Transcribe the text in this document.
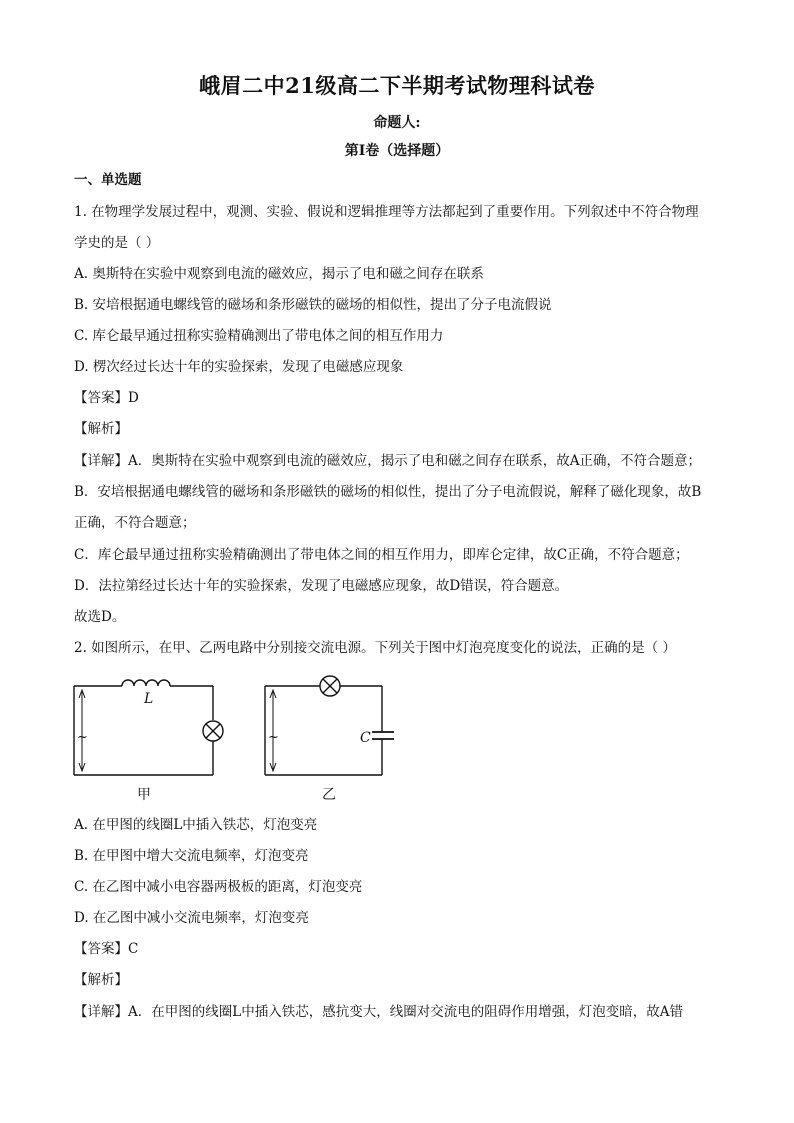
峨眉二中21级高二下半期考试物理科试卷
命题人:
第I卷（选择题）
一、单选题
1. 在物理学发展过程中，观测、实验、假说和逻辑推理等方法都起到了重要作用。下列叙述中不符合物理
学史的是（ ）
A. 奥斯特在实验中观察到电流的磁效应，揭示了电和磁之间存在联系
B. 安培根据通电螺线管的磁场和条形磁铁的磁场的相似性，提出了分子电流假说
C. 库仑最早通过扭称实验精确测出了带电体之间的相互作用力
D. 楞次经过长达十年的实验探索，发现了电磁感应现象
【答案】D
【解析】
【详解】A．奥斯特在实验中观察到电流的磁效应，揭示了电和磁之间存在联系，故A正确，不符合题意；
B．安培根据通电螺线管的磁场和条形磁铁的磁场的相似性，提出了分子电流假说，解释了磁化现象，故B
正确，不符合题意；
C．库仑最早通过扭称实验精确测出了带电体之间的相互作用力，即库仑定律，故C正确，不符合题意；
D．法拉第经过长达十年的实验探索，发现了电磁感应现象，故D错误，符合题意。
故选D。
2. 如图所示，在甲、乙两电路中分别接交流电源。下列关于图中灯泡亮度变化的说法，正确的是（ ）
L
C
~	~
甲	乙
A. 在甲图的线圈L中插入铁芯，灯泡变亮
B. 在甲图中增大交流电频率，灯泡变亮
C. 在乙图中减小电容器两极板的距离，灯泡变亮
D. 在乙图中减小交流电频率，灯泡变亮
【答案】C
【解析】
【详解】A．在甲图的线圈L中插入铁芯，感抗变大，线圈对交流电的阻碍作用增强，灯泡变暗，故A错
